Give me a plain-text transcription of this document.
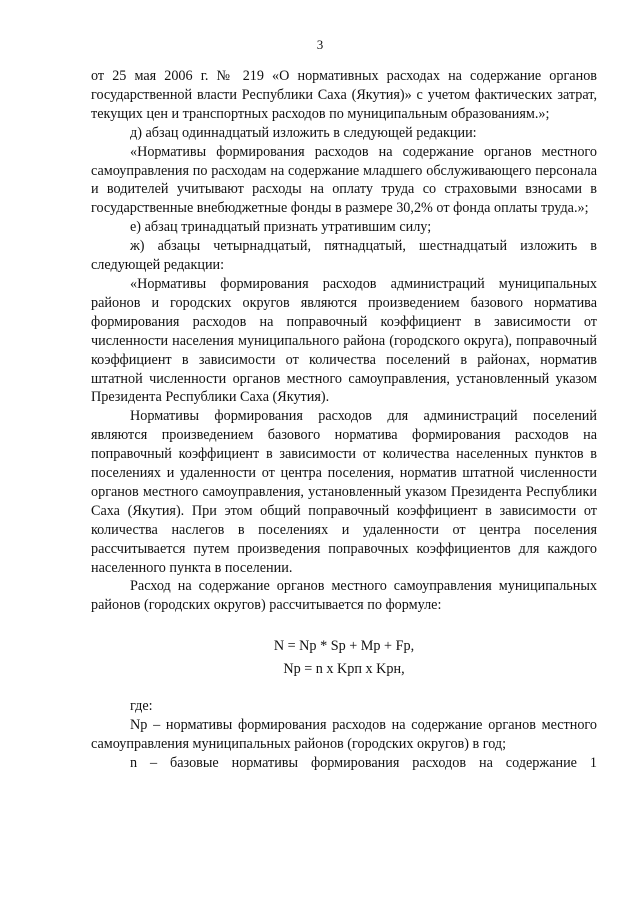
3

от 25 мая 2006 г. № 219 «О нормативных расходах на содержание органов государственной власти Республики Саха (Якутия)» с учетом фактических затрат, текущих цен и транспортных расходов по муниципальным образованиям.»;

д) абзац одиннадцатый изложить в следующей редакции:

«Нормативы формирования расходов на содержание органов местного самоуправления по расходам на содержание младшего обслуживающего персонала и водителей учитывают расходы на оплату труда со страховыми взносами в государственные внебюджетные фонды в размере 30,2% от фонда оплаты труда.»;

е) абзац тринадцатый признать утратившим силу;

ж) абзацы четырнадцатый, пятнадцатый, шестнадцатый изложить в следующей редакции:

«Нормативы формирования расходов администраций муниципальных районов и городских округов являются произведением базового норматива формирования расходов на поправочный коэффициент в зависимости от численности населения муниципального района (городского округа), поправочный коэффициент в зависимости от количества поселений в районах, норматив штатной численности органов местного самоуправления, установленный указом Президента Республики Саха (Якутия).

Нормативы формирования расходов для администраций поселений являются произведением базового норматива формирования расходов на поправочный коэффициент в зависимости от количества населенных пунктов в поселениях и удаленности от центра поселения, норматив штатной численности органов местного самоуправления, установленный указом Президента Республики Саха (Якутия). При этом общий поправочный коэффициент в зависимости от количества наслегов в поселениях и удаленности от центра поселения рассчитывается путем произведения поправочных коэффициентов для каждого населенного пункта в поселении.

Расход на содержание органов местного самоуправления муниципальных районов (городских округов) рассчитывается по формуле:

N = Np * Sp + Mp + Fp,

Np = n x Kрп x Kрн,

где:

Np – нормативы формирования расходов на содержание органов местного самоуправления муниципальных районов (городских округов) в год;

n – базовые нормативы формирования расходов на содержание 1
